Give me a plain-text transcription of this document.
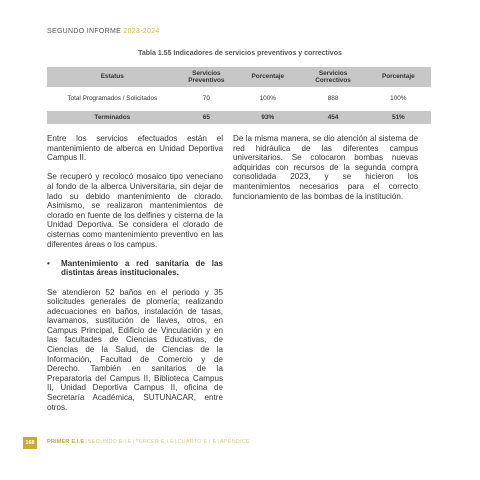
SEGUNDO INFORME 2023-2024
Tabla 1.55 Indicadores de servicios preventivos y correctivos
Estatus	Servicios Preventivos	Porcentaje	Servicios Correctivos	Porcentaje
Total Programados / Solicitados	70	100%	888	100%
Terminados	65	93%	454	51%

Entre los servicios efectuados están el mantenimiento de alberca en Unidad Deportiva Campus II.

Se recuperó y recolocó mosaico tipo veneciano al fondo de la alberca Universitaria, sin dejar de lado su debido mantenimiento de clorado. Asimismo, se realizaron mantenimientos de clorado en fuente de los delfines y cisterna de la Unidad Deportiva. Se considera el clorado de cisternas como mantenimiento preventivo en las diferentes áreas o los campus.

•	Mantenimiento a red sanitaria de las distintas áreas institucionales.

Se atendieron 52 baños en el periodo y 35 solicitudes generales de plomería; realizando adecuaciones en baños, instalación de tasas, lavamanos, sustitución de llaves, otros, en Campus Principal, Edificio de Vinculación y en las facultades de Ciencias Educativas, de Ciencias de la Salud, de Ciencias de la Información, Facultad de Comercio y de Derecho. También en sanitarios de la Preparatoria del Campus II, Biblioteca Campus II, Unidad Deportiva Campus II, oficina de Secretaría Académica, SUTUNACAR, entre otros.

De la misma manera, se dio atención al sistema de red hidráulica de las diferentes campus universitarios. Se colocaron bombas nuevas adquiridas con recursos de la segunda compra consolidada 2023, y se hicieron los mantenimientos necesarios para el correcto funcionamiento de las bombas de la institución.

168	PRIMER E.I.E|SEGUNDO E.I.E|TERCER E.I.E|CUARTO E.I.E|APÉNDICE
